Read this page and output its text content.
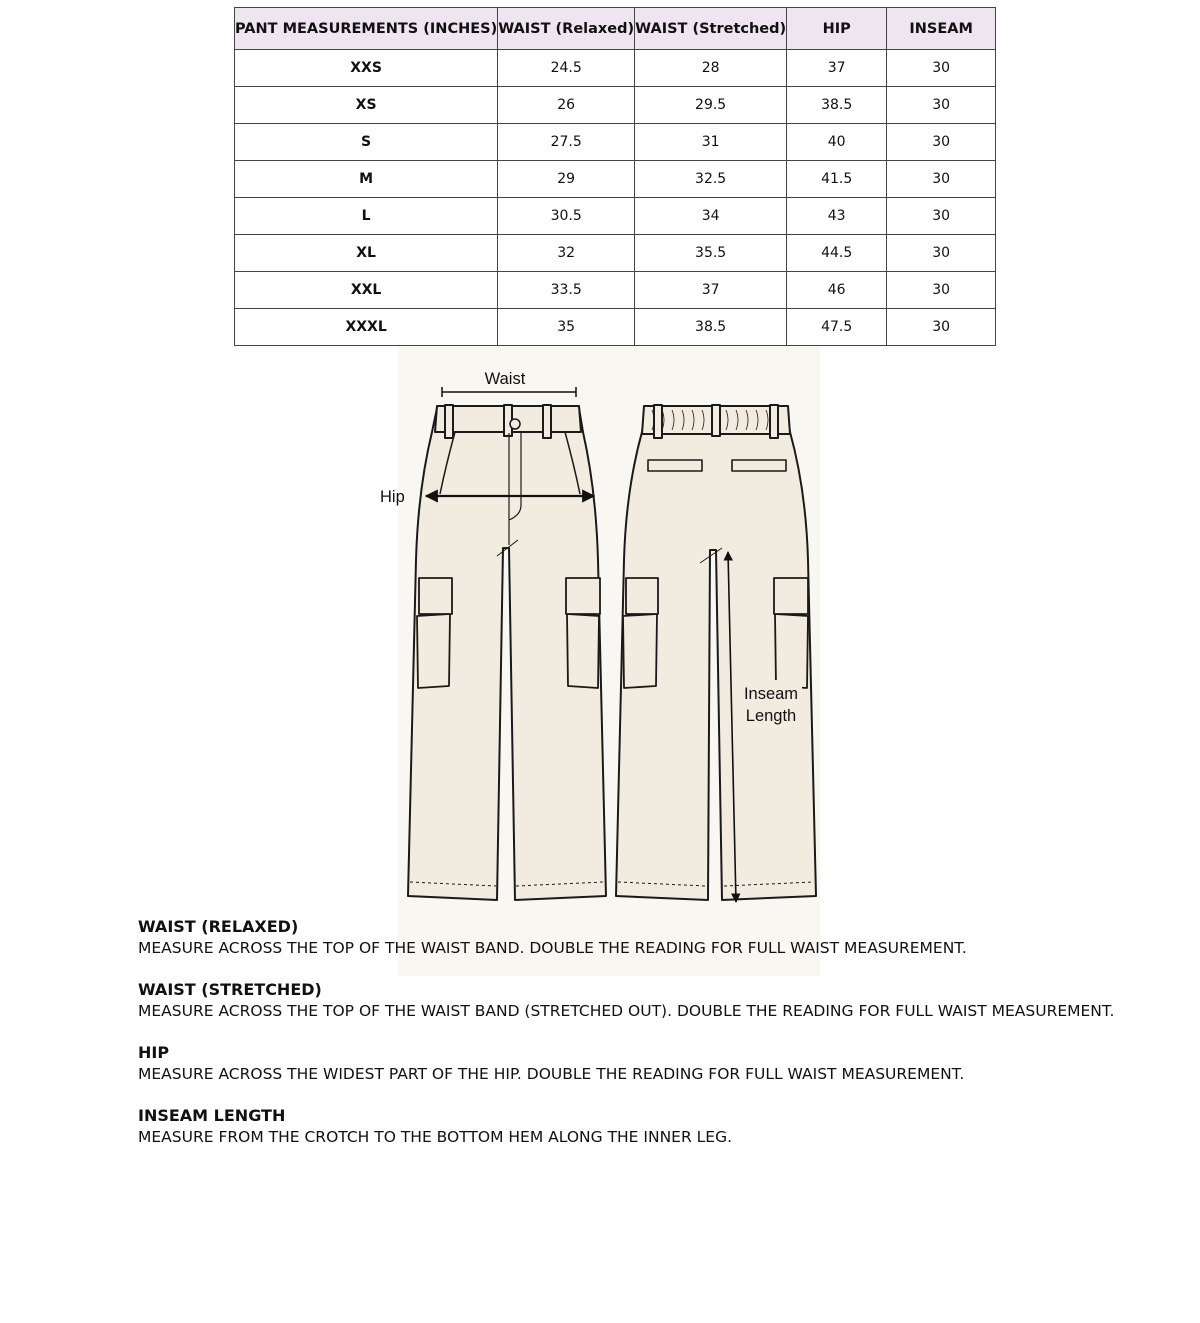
PANT MEASUREMENTS (INCHES)	WAIST (Relaxed)	WAIST (Stretched)	HIP	INSEAM
XXS	24.5	28	37	30
XS	26	29.5	38.5	30
S	27.5	31	40	30
M	29	32.5	41.5	30
L	30.5	34	43	30
XL	32	35.5	44.5	30
XXL	33.5	37	46	30
XXXL	35	38.5	47.5	30
Waist
Hip
Inseam
Length
WAIST (RELAXED)
MEASURE ACROSS THE TOP OF THE WAIST BAND. DOUBLE THE READING FOR FULL WAIST MEASUREMENT.
WAIST (STRETCHED)
MEASURE ACROSS THE TOP OF THE WAIST BAND (STRETCHED OUT). DOUBLE THE READING FOR FULL WAIST MEASUREMENT.
HIP
MEASURE ACROSS THE WIDEST PART OF THE HIP. DOUBLE THE READING FOR FULL WAIST MEASUREMENT.
INSEAM LENGTH
MEASURE FROM THE CROTCH TO THE BOTTOM HEM ALONG THE INNER LEG.
